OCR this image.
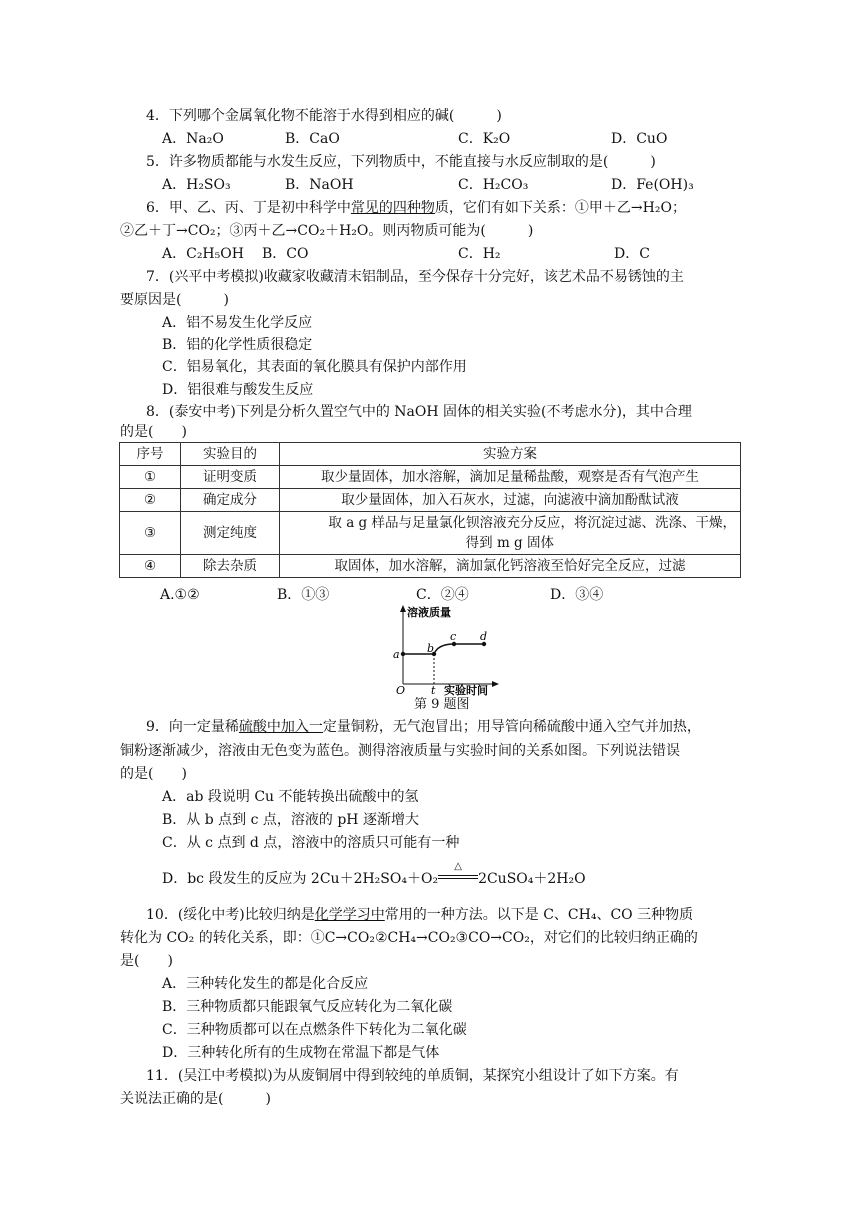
4．下列哪个金属氧化物不能溶于水得到相应的碱(　　　)
A．Na₂O	B．CaO	C．K₂O	D．CuO
5．许多物质都能与水发生反应，下列物质中，不能直接与水反应制取的是(　　　)
A．H₂SO₃	B．NaOH	C．H₂CO₃	D．Fe(OH)₃
6．甲、乙、丙、丁是初中科学中常见的四种物质，它们有如下关系：①甲＋乙→H₂O；
②乙＋丁→CO₂；③丙＋乙→CO₂＋H₂O。则丙物质可能为(　　　)
A．C₂H₅OH B．CO	C．H₂	D．C
7．(兴平中考模拟)收藏家收藏清末铝制品，至今保存十分完好，该艺术品不易锈蚀的主
要原因是(　　　)
A．铝不易发生化学反应
B．铝的化学性质很稳定
C．铝易氧化，其表面的氧化膜具有保护内部作用
D．铝很难与酸发生反应
8．(泰安中考)下列是分析久置空气中的 NaOH 固体的相关实验(不考虑水分)，其中合理
的是(　　)
序号	实验目的	实验方案
①	证明变质	取少量固体，加水溶解，滴加足量稀盐酸，观察是否有气泡产生
②	确定成分	取少量固体，加入石灰水，过滤，向滤液中滴加酚酞试液
③	测定纯度	取 a g 样品与足量氯化钡溶液充分反应，将沉淀过滤、洗涤、干燥，
得到 m g 固体

④	除去杂质	取固体，加水溶解，滴加氯化钙溶液至恰好完全反应，过滤
A.①②	B．①③	C．②④	D．③④
溶液质量
实验时间
O t
a b
c d
第 9 题图
9．向一定量稀硫酸中加入一定量铜粉，无气泡冒出；用导管向稀硫酸中通入空气并加热，
铜粉逐渐减少，溶液由无色变为蓝色。测得溶液质量与实验时间的关系如图。下列说法错误
的是(　　)
A．ab 段说明 Cu 不能转换出硫酸中的氢
B．从 b 点到 c 点，溶液的 pH 逐渐增大
C．从 c 点到 d 点，溶液中的溶质只可能有一种
D．bc 段发生的反应为 2Cu＋2H₂SO₄＋O₂
△
2CuSO₄＋2H₂O
10．(绥化中考)比较归纳是化学学习中常用的一种方法。以下是 C、CH₄、CO 三种物质
转化为 CO₂ 的转化关系，即：①C→CO₂②CH₄→CO₂③CO→CO₂，对它们的比较归纳正确的
是(　　)
A．三种转化发生的都是化合反应
B．三种物质都只能跟氧气反应转化为二氧化碳
C．三种物质都可以在点燃条件下转化为二氧化碳
D．三种转化所有的生成物在常温下都是气体
11．(吴江中考模拟)为从废铜屑中得到较纯的单质铜，某探究小组设计了如下方案。有
关说法正确的是(　　　)
